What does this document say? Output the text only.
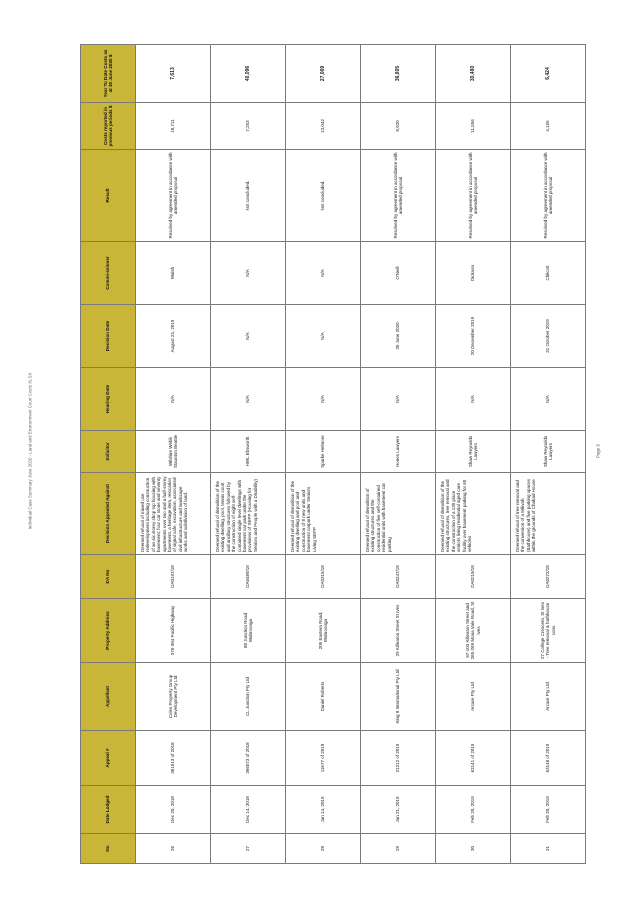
Individual Case Summary June 2020 - Land and Environment Court Costs XLSX	Page 5
No	Date Lodged	Appeal #	Appellant	Property Address	DA No	Decision Appealed Against	Solicitor	Hearing Date	Decision Date	Commi-ssioner	Result	Costs reported in previous periods $	Year To Date Costs as at 30 June 2020 $
26	Dec 20, 2018	361613 of 2018	Coles Property Group Development Pty Ltd	376-384 Pacific Highway	DA0197/18	Deemed refusal of mixed use redevelopment including construction of an six storey shop top housing with basement; four car stone and seventy apartments over two and a half-storey basement, a heritage item, relocation of signal cafe, excavation, associated civil infrastructure and landscape works and subdivision of land.	Wilshire Webb Staunton Beattie	N/A	August 24, 2019	Walsh	Resolved by agreement in accordance with amended proposal	18,711	7,613
27	Dec 14, 2018	366573 of 2018	CL Junction Pty Ltd	88 Junction Road Wahroonga	DA0489/18	Deemed refusal of demolition of the existing dwelling, pool, tennis court and ancillary structures followed by the construction of eight self-contained single level dwellings with basement car park under the provisions of SEPP (Housing for Seniors and People with a Disability)	HWL Ebsworth	N/A	N/A	N/A	Not concluded.	7,253	40,096
28	Jan 14, 2019	11677 of 2019	Daniel Roberts	205 Eastern Road, Wahroonga	DA0315/18	Deemed refusal of demolition of the existing dwelling and pool and construction of 8 new units and basement carpark under Seniors Living SEPP	Sparke Helmore	N/A	N/A	N/A	Not concluded.	13,042	27,069
29	Jan 21, 2019	21212 of 2019	King 9 International Pty Ltd	29 Killeaton Street St Ives	DA0247/18	Deemed refusal of demolition of existing structures and the construction of five self-contained residential units with basement car parking	Hones Lawyers	N/A	30 June 2020	O'Neill	Resolved by agreement in accordance with amended proposal	8,920	36,805
30	Feb 20, 2019	63141 of 2019	Arcare Pty Ltd	97-103 Killeaton Street and 265-269 Mona Vale Road, St Ives	DA0219/18	Deemed refusal of demolition of the existing structures, tree removal and the construction of a 130 place seniors living residential aged care facility over basement parking for 60 vehicles	Shaw Reynolds Lawyers	N/A	20 December 2019	Dickson	Resolved by agreement in accordance with amended proposal	11,556	30,480
31	Feb 20, 2019	63148 of 2019	Arcare Pty Ltd	27 College Crescent, St Ives - Tree removal & bathhouse conv	DA0272/18	Deemed refusal of tree removal and the conversion of a Mikvah (Bathhouse) and five parking spaces within the grounds of Chabad House	Shaw Reynolds Lawyers	N/A	31 October 2019	Chilcott	Resolved by agreement in accordance with amended proposal	4,155	6,424
